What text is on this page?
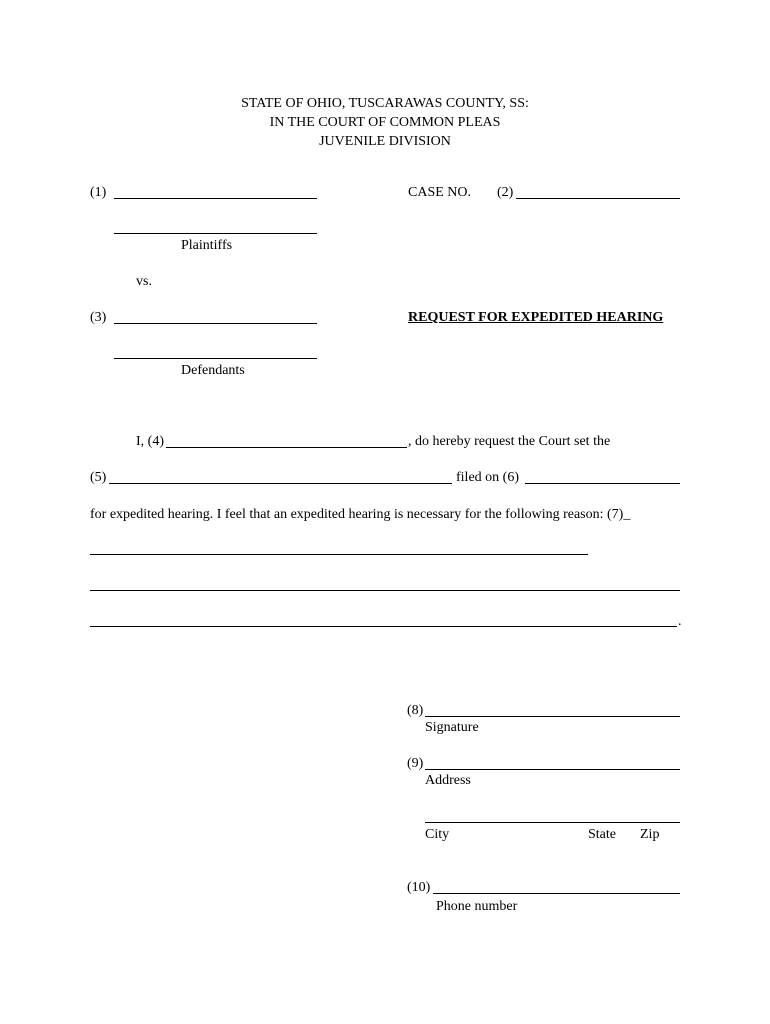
STATE OF OHIO, TUSCARAWAS COUNTY, SS:
IN THE COURT OF COMMON PLEAS
JUVENILE DIVISION
(1)	CASE NO. (2)
Plaintiffs
vs.
(3)	REQUEST FOR EXPEDITED HEARING
Defendants
I, (4)	, do hereby request the Court set the
(5)	filed on (6)
for expedited hearing. I feel that an expedited hearing is necessary for the following reason: (7)_
.
(8)
Signature
(9)
Address
City	State Zip
(10)
Phone number
